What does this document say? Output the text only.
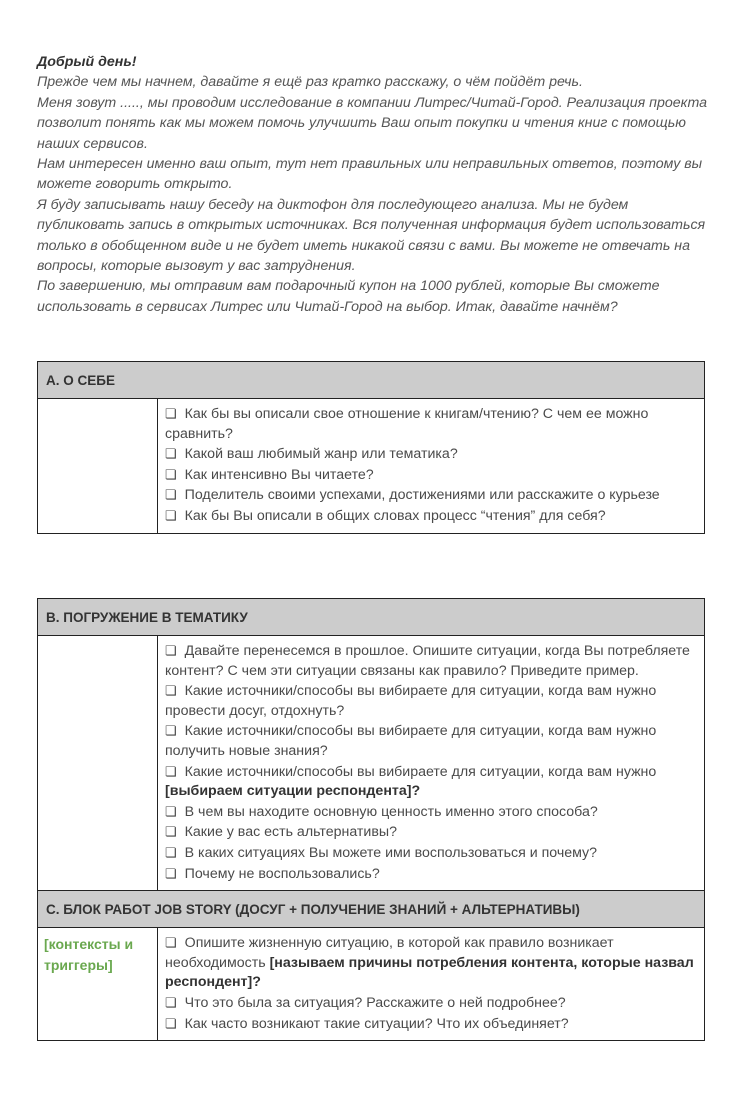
Добрый день!

Прежде чем мы начнем, давайте я ещё раз кратко расскажу, о чём пойдёт речь.

Меня зовут ....., мы проводим исследование в компании Литрес/Читай-Город. Реализация проекта позволит понять как мы можем помочь улучшить Ваш опыт покупки и чтения книг с помощью наших сервисов.

Нам интересен именно ваш опыт, тут нет правильных или неправильных ответов, поэтому вы можете говорить открыто.

Я буду записывать нашу беседу на диктофон для последующего анализа. Мы не будем публиковать запись в открытых источниках. Вся полученная информация будет использоваться только в обобщенном виде и не будет иметь никакой связи с вами. Вы можете не отвечать на вопросы, которые вызовут у вас затруднения.

По завершению, мы отправим вам подарочный купон на 1000 рублей, которые Вы сможете использовать в сервисах Литрес или Читай-Город на выбор. Итак, давайте начнём?

А. О СЕБЕ

❏ Как бы вы описали свое отношение к книгам/чтению? С чем ее можно сравнить?

❏ Какой ваш любимый жанр или тематика?

❏ Как интенсивно Вы читаете?

❏ Поделитель своими успехами, достижениями или расскажите о курьезе

❏ Как бы Вы описали в общих словах процесс “чтения” для себя?

В. ПОГРУЖЕНИЕ В ТЕМАТИКУ	

❏ Давайте перенесемся в прошлое. Опишите ситуации, когда Вы потребляете контент? С чем эти ситуации связаны как правило? Приведите пример.

❏ Какие источники/способы вы вибираете для ситуации, когда вам нужно провести досуг, отдохнуть?

❏ Какие источники/способы вы вибираете для ситуации, когда вам нужно получить новые знания?

❏ Какие источники/способы вы вибираете для ситуации, когда вам нужно [выбираем ситуации респондента]?

❏ В чем вы находите основную ценность именно этого способа?

❏ Какие у вас есть альтернативы?

❏ В каких ситуациях Вы можете ими воспользоваться и почему?

❏ Почему не воспользовались?

С. БЛОК РАБОТ JOB STORY (ДОСУГ + ПОЛУЧЕНИЕ ЗНАНИЙ + АЛЬТЕРНАТИВЫ)	

[контексты и триггеры]	❏ Опишите жизненную ситуацию, в которой как правило возникает необходимость [называем причины потребления контента, которые назвал респондент]?

❏ Что это была за ситуация? Расскажите о ней подробнее?

❏ Как часто возникают такие ситуации? Что их объединяет?
